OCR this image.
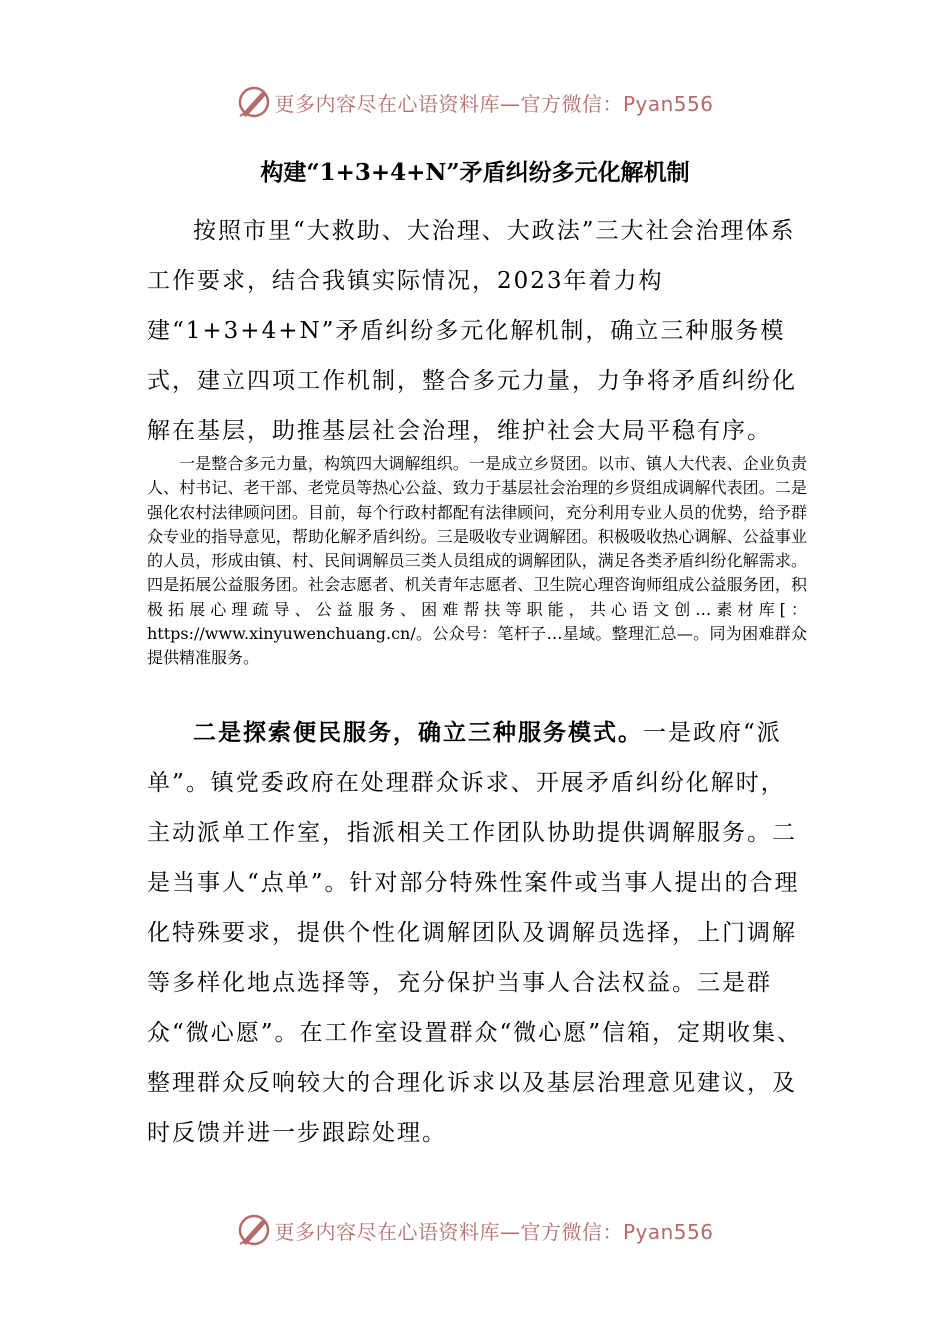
更多内容尽在心语资料库—官方微信：Pyan556
构建“1+3+4+N”矛盾纠纷多元化解机制

按照市里“大救助、大治理、大政法”三大社会治理体系工作要求，结合我镇实际情况，2023年着力构建“1+3+4+N”矛盾纠纷多元化解机制，确立三种服务模式，建立四项工作机制，整合多元力量，力争将矛盾纠纷化解在基层，助推基层社会治理，维护社会大局平稳有序。

一是整合多元力量，构筑四大调解组织。一是成立乡贤团。以市、镇人大代表、企业负责人、村书记、老干部、老党员等热心公益、致力于基层社会治理的乡贤组成调解代表团。二是强化农村法律顾问团。目前，每个行政村都配有法律顾问，充分利用专业人员的优势，给予群众专业的指导意见，帮助化解矛盾纠纷。三是吸收专业调解团。积极吸收热心调解、公益事业的人员，形成由镇、村、民间调解员三类人员组成的调解团队，满足各类矛盾纠纷化解需求。四是拓展公益服务团。社会志愿者、机关青年志愿者、卫生院心理咨询师组成公益服务团，积极拓展心理疏导、公益服务、困难帮扶等职能，共心语文创…素材库[：https://www.xinyuwenchuang.cn/。公众号：笔杆子…星域。整理汇总—。同为困难群众提供精准服务。

二是探索便民服务，确立三种服务模式。一是政府“派单”。镇党委政府在处理群众诉求、开展矛盾纠纷化解时，主动派单工作室，指派相关工作团队协助提供调解服务。二是当事人“点单”。针对部分特殊性案件或当事人提出的合理化特殊要求，提供个性化调解团队及调解员选择，上门调解等多样化地点选择等，充分保护当事人合法权益。三是群众“微心愿”。在工作室设置群众“微心愿”信箱，定期收集、整理群众反响较大的合理化诉求以及基层治理意见建议，及时反馈并进一步跟踪处理。

更多内容尽在心语资料库—官方微信：Pyan556
